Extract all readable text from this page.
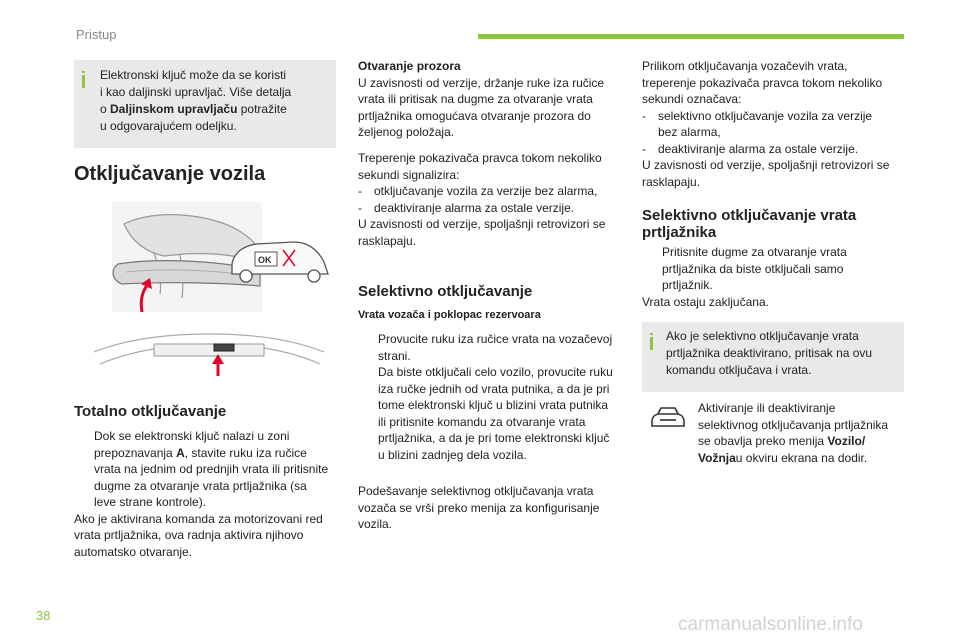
Pristup
Elektronski ključ može da se koristi
i kao daljinski upravljač. Više detalja
o Daljinskom upravljaču potražite
u odgovarajućem odeljku.
Otključavanje vozila
OK
Totalno otključavanje
Dok se elektronski ključ nalazi u zoni
prepoznavanja A, stavite ruku iza ručice
vrata na jednim od prednjih vrata ili pritisnite
dugme za otvaranje vrata prtljažnika (sa
leve strane kontrole).
Ako je aktivirana komanda za motorizovani red
vrata prtljažnika, ova radnja aktivira njihovo
automatsko otvaranje.
Otvaranje prozora
U zavisnosti od verzije, držanje ruke iza ručice
vrata ili pritisak na dugme za otvaranje vrata
prtljažnika omogućava otvaranje prozora do
željenog položaja.
Treperenje pokazivača pravca tokom nekoliko
sekundi signalizira:
- otključavanje vozila za verzije bez alarma,
- deaktiviranje alarma za ostale verzije.
U zavisnosti od verzije, spoljašnji retrovizori se
rasklapaju.
Selektivno otključavanje
Vrata vozača i poklopac rezervoara
Provucite ruku iza ručice vrata na vozačevoj
strani.
Da biste otključali celo vozilo, provucite ruku
iza ručke jednih od vrata putnika, a da je pri
tome elektronski ključ u blizini vrata putnika
ili pritisnite komandu za otvaranje vrata
prtljažnika, a da je pri tome elektronski ključ
u blizini zadnjeg dela vozila.
Podešavanje selektivnog otključavanja vrata
vozača se vrši preko menija za konfigurisanje
vozila.
Prilikom otključavanja vozačevih vrata,
treperenje pokazivača pravca tokom nekoliko
sekundi označava:
- selektivno otključavanje vozila za verzije
bez alarma,
- deaktiviranje alarma za ostale verzije.
U zavisnosti od verzije, spoljašnji retrovizori se
rasklapaju.
Selektivno otključavanje vrata
prtljažnika
Pritisnite dugme za otvaranje vrata
prtljažnika da biste otključali samo
prtljažnik.
Vrata ostaju zaključana.
Ako je selektivno otključavanje vrata
prtljažnika deaktivirano, pritisak na ovu
komandu otključava i vrata.
Aktiviranje ili deaktiviranje
selektivnog otključavanja prtljažnika
se obavlja preko menija Vozilo/
Vožnjau okviru ekrana na dodir.
38	carmanualsonline.info
